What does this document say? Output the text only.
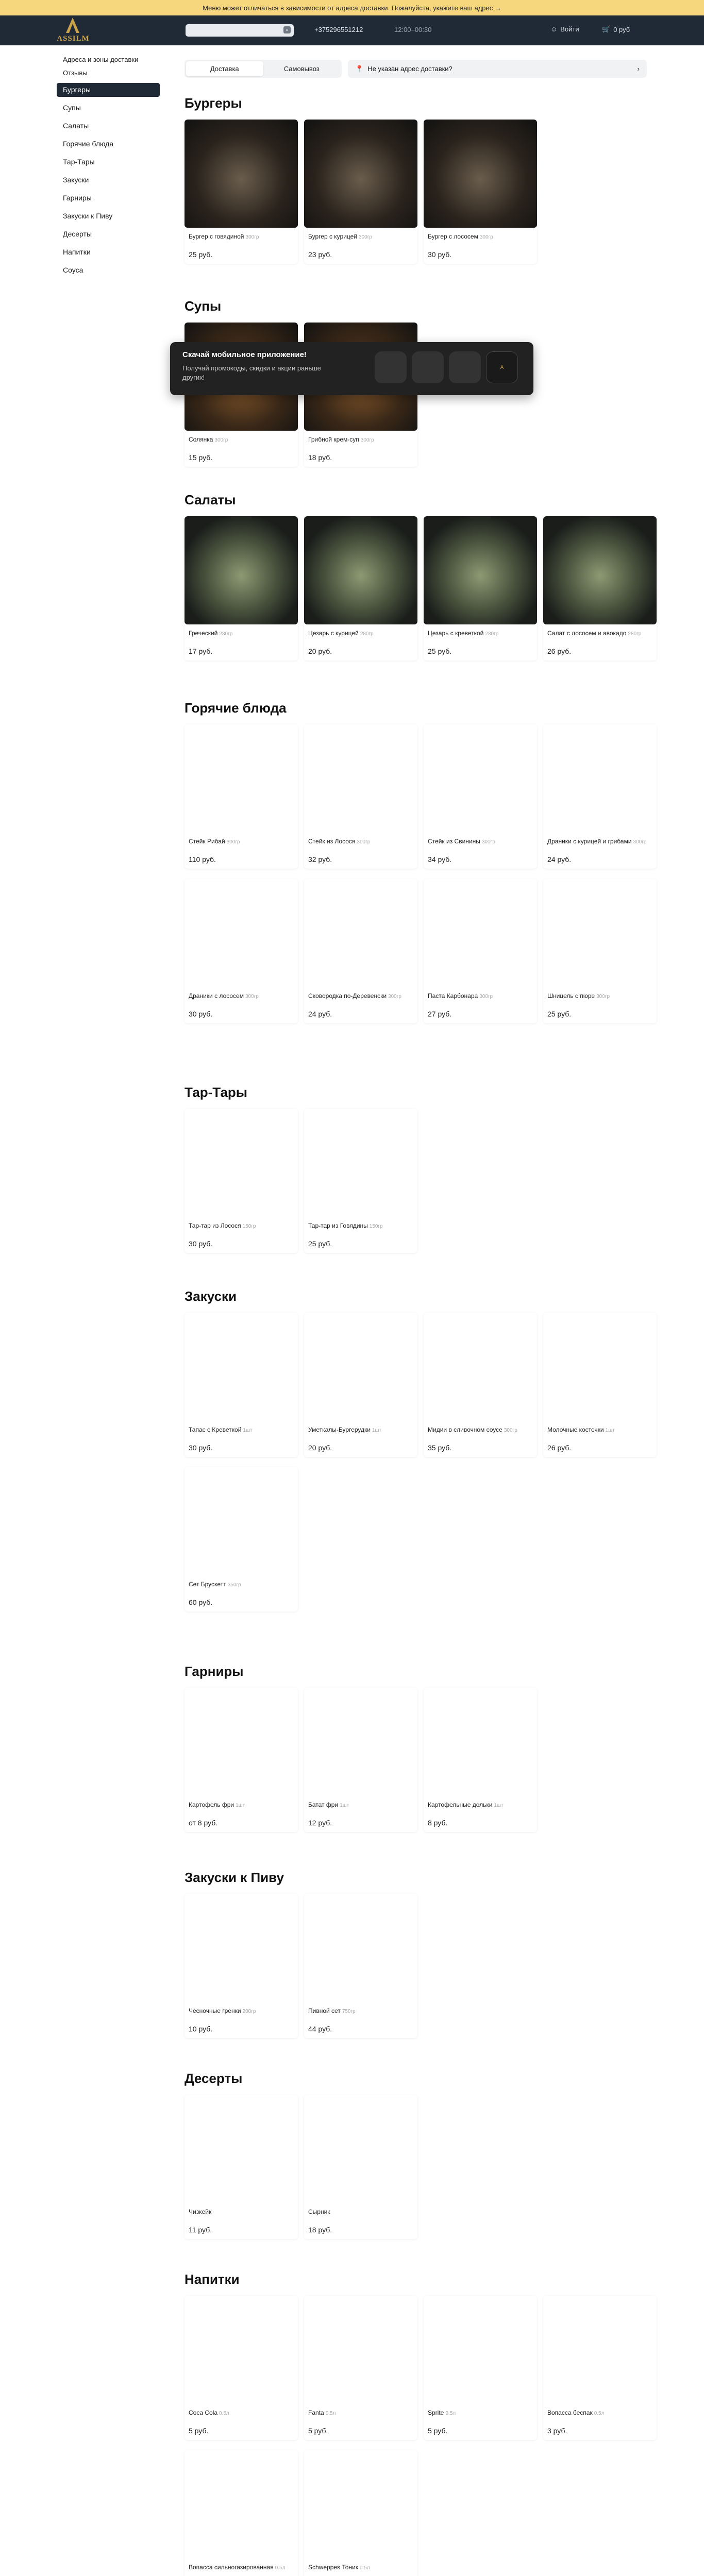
Меню может отличаться в зависимости от адреса доставки. Пожалуйста, укажите ваш адрес →
ASSILM
⌕	+375296551212	12:00–00:30	☺ Войти	🛒 0 руб
Адреса и зоны доставки
Отзывы
Бургеры
Супы
Салаты
Горячие блюда
Тар-Тары
Закуски
Гарниры
Закуски к Пиву
Десерты
Напитки
Соуса
Доставка	Самовывоз	📍 Не указан адрес доставки?	›
Бургеры
Бургер с говядиной 300гр
25 руб.
Бургер с курицей 300гр
23 руб.
Бургер с лососем 300гр
30 руб.
Супы
Солянка 300гр
15 руб.
Грибной крем-суп 300гр
18 руб.
Салаты
Греческий 280гр
17 руб.
Цезарь с курицей 280гр
20 руб.
Цезарь с креветкой 280гр
25 руб.
Салат с лососем и авокадо 280гр
26 руб.
Горячие блюда
Стейк Рибай 300гр
110 руб.
Стейк из Лосося 300гр
32 руб.
Стейк из Свинины 300гр
34 руб.
Драники с курицей и грибами 300гр
24 руб.
Драники с лососем 300гр
30 руб.
Сковородка по-Деревенски 300гр
24 руб.
Паста Карбонара 300гр
27 руб.
Шницель с пюре 300гр
25 руб.
Тар-Тары
Тар-тар из Лосося 150гр
30 руб.
Тар-тар из Говядины 150гр
25 руб.
Закуски
Тапас с Креветкой 1шт
30 руб.
Уметкалы-Бургерудки 1шт
20 руб.
Мидии в сливочном соусе 300гр
35 руб.
Молочные косточки 1шт
26 руб.
Сет Брускетт 350гр
60 руб.
Гарниры
Картофель фри 1шт
от 8 руб.
Батат фри 1шт
12 руб.
Картофельные дольки 1шт
8 руб.
Закуски к Пиву
Чесночные гренки 200гр
10 руб.
Пивной сет 750гр
44 руб.
Десерты
Чизкейк
11 руб.
Сырник
18 руб.
Напитки
Coca Cola 0.5л
5 руб.
Fanta 0.5л
5 руб.
Sprite 0.5л
5 руб.
Вопасса беспак 0.5л
3 руб.
Вопасса сильногазированная 0.5л	Schweppes Тоник 0.5л
Скачай мобильное приложение!
Получай промокоды, скидки и акции раньше других!
A
